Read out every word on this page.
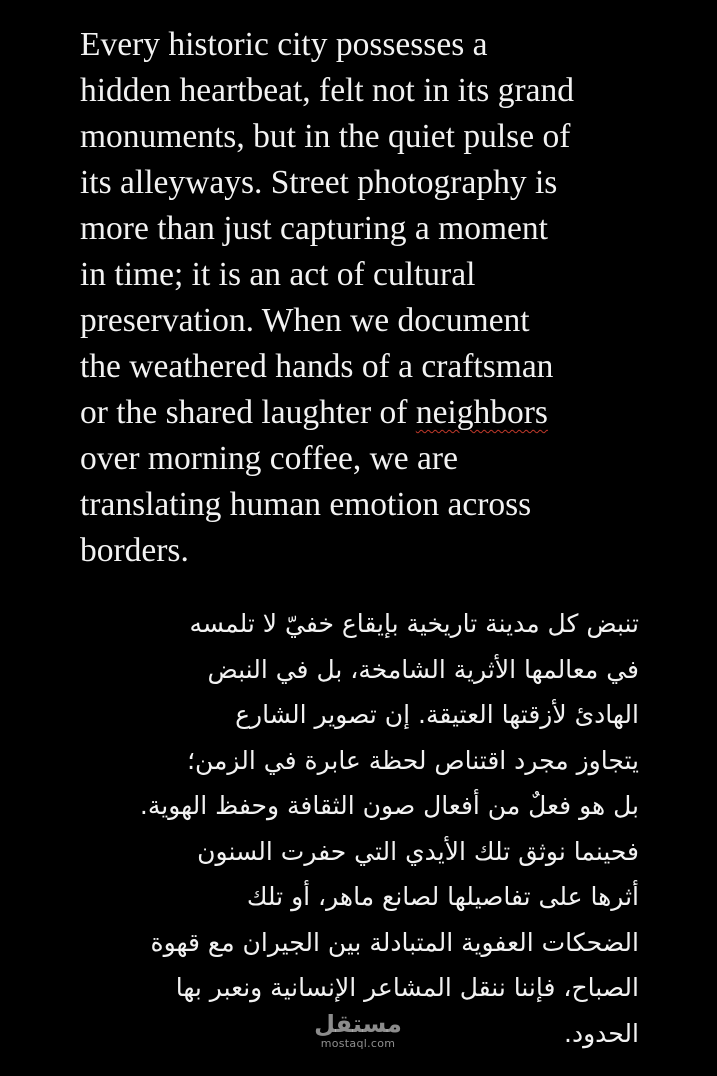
Every historic city possesses a
hidden heartbeat, felt not in its grand
monuments, but in the quiet pulse of
its alleyways. Street photography is
more than just capturing a moment
in time; it is an act of cultural
preservation. When we document
the weathered hands of a craftsman
or the shared laughter of neighbors
over morning coffee, we are
translating human emotion across
borders.
تنبض كل مدينة تاريخية بإيقاع خفيّ لا تلمسه
في معالمها الأثرية الشامخة، بل في النبض
الهادئ لأزقتها العتيقة. إن تصوير الشارع
يتجاوز مجرد اقتناص لحظة عابرة في الزمن؛
بل هو فعلٌ من أفعال صون الثقافة وحفظ الهوية.
فحينما نوثق تلك الأيدي التي حفرت السنون
أثرها على تفاصيلها لصانع ماهر، أو تلك
الضحكات العفوية المتبادلة بين الجيران مع قهوة
الصباح، فإننا ننقل المشاعر الإنسانية ونعبر بها
الحدود.
مستقل
mostaql.com
